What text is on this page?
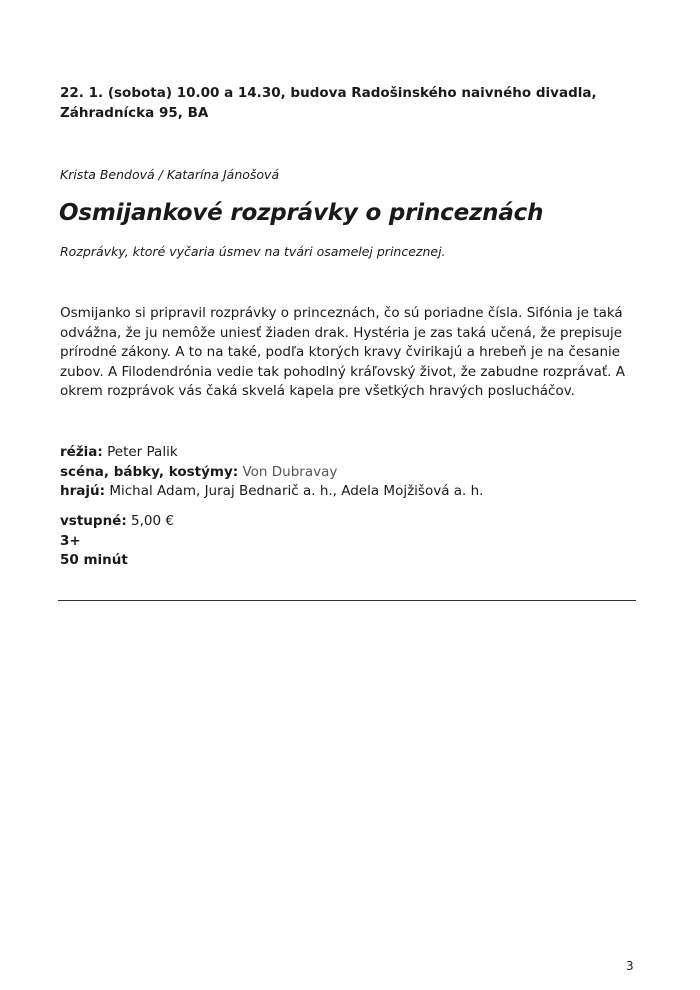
22. 1. (sobota) 10.00 a 14.30, budova Radošinského naivného divadla, Záhradnícka 95, BA

Krista Bendová / Katarína Jánošová

Osmijankové rozprávky o princeznách

Rozprávky, ktoré vyčaria úsmev na tvári osamelej princeznej.

Osmijanko si pripravil rozprávky o princeznách, čo sú poriadne čísla. Sifónia je taká odvážna, že ju nemôže uniesť žiaden drak. Hystéria je zas taká učená, že prepisuje prírodné zákony. A to na také, podľa ktorých kravy čvirikajú a hrebeň je na česanie zubov. A Filodendrónia vedie tak pohodlný kráľovský život, že zabudne rozprávať. A okrem rozprávok vás čaká skvelá kapela pre všetkých hravých poslucháčov.

réžia: Peter Palik
scéna, bábky, kostýmy: Von Dubravay
hrajú: Michal Adam, Juraj Bednarič a. h., Adela Mojžišová a. h.
vstupné: 5,00 €
3+
50 minút
3
